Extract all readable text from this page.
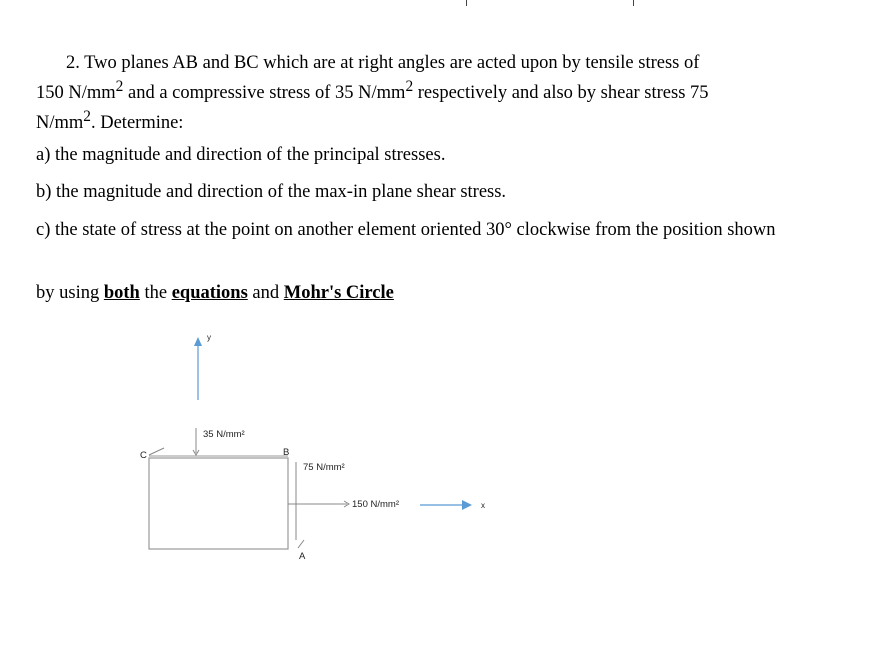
2. Two planes AB and BC which are at right angles are acted upon by tensile stress of
150 $N/mm^2$ and a compressive stress of 35 $N/mm^2$ respectively and also by shear stress 75
$N/mm^2$. Determine:
a) the magnitude and direction of the principal stresses.
b) the magnitude and direction of the max-in plane shear stress.
c) the state of stress at the point on another element oriented 30° clockwise from the position shown
by using both the equations and Mohr's Circle
y
35 N/mm²
C	B
75 N/mm²
150 N/mm²	x
A
